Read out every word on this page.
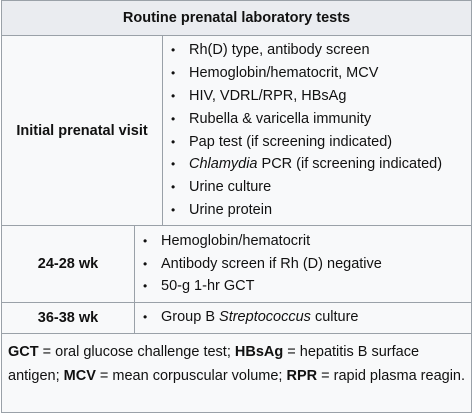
Routine prenatal laboratory tests
Initial prenatal visit
• Rh(D) type, antibody screen
• Hemoglobin/hematocrit, MCV
• HIV, VDRL/RPR, HBsAg
• Rubella & varicella immunity
• Pap test (if screening indicated)
• Chlamydia PCR (if screening indicated)
• Urine culture
• Urine protein
24-28 wk
• Hemoglobin/hematocrit
• Antibody screen if Rh (D) negative
• 50-g 1-hr GCT
36-38 wk	• Group B Streptococcus culture
GCT = oral glucose challenge test; HBsAg = hepatitis B surface antigen; MCV = mean corpuscular volume; RPR = rapid plasma reagin.
